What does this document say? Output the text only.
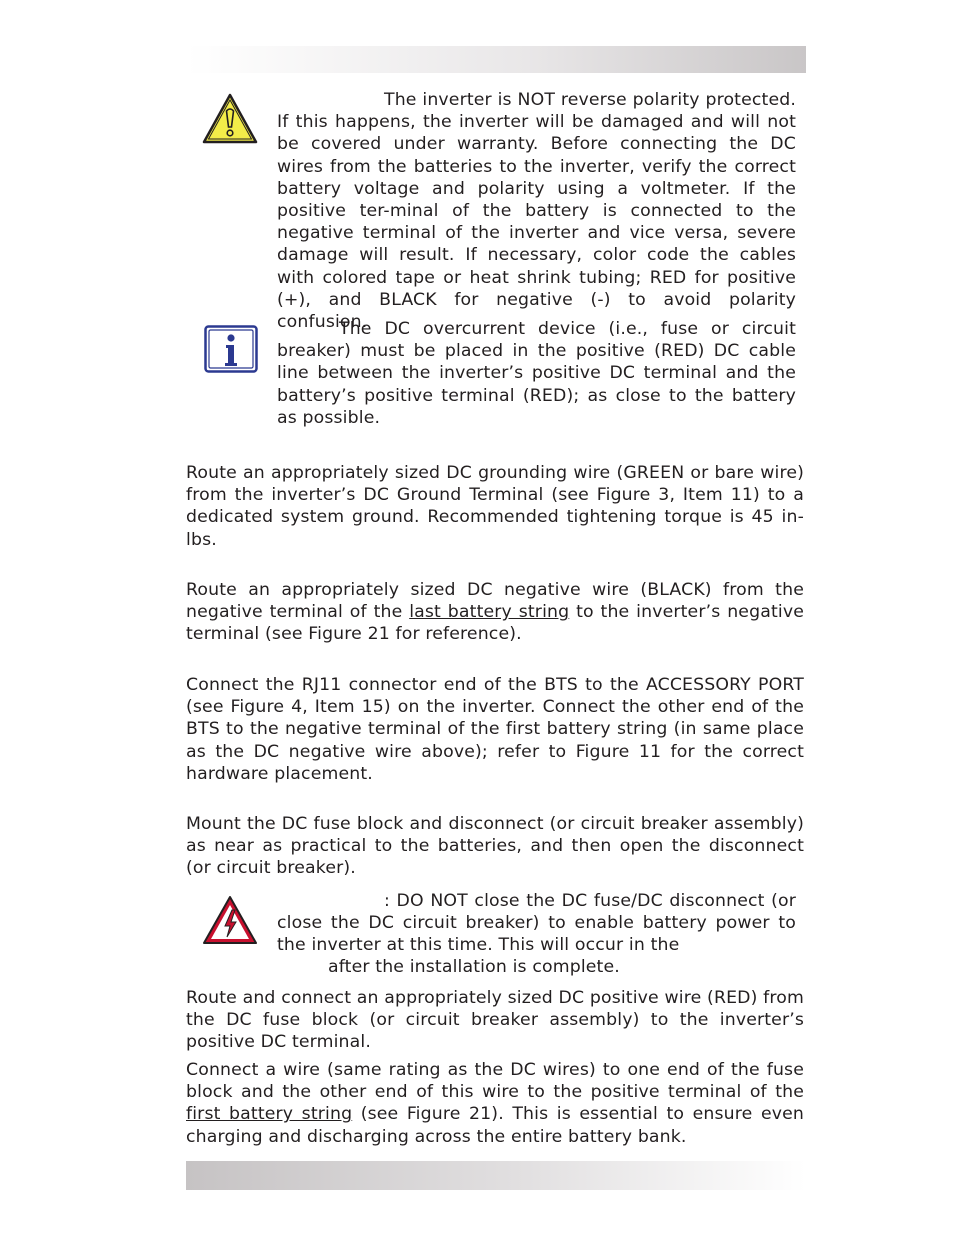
The inverter is NOT reverse polarity protected. If this happens, the inverter will be damaged and will not be covered under warranty. Before connecting the DC wires from the batteries to the inverter, verify the correct battery voltage and polarity using a voltmeter. If the positive ter-minal of the battery is connected to the negative terminal of the inverter and vice versa, severe damage will result. If necessary, color code the cables with colored tape or heat shrink tubing; RED for positive (+), and BLACK for negative (-) to avoid polarity confusion.
The DC overcurrent device (i.e., fuse or circuit breaker) must be placed in the positive (RED) DC cable line between the inverter’s positive DC terminal and the battery’s positive terminal (RED); as close to the battery as possible.
Route an appropriately sized DC grounding wire (GREEN or bare wire) from the inverter’s DC Ground Terminal (see Figure 3, Item 11) to a dedicated system ground. Recommended tightening torque is 45 in-lbs.
Route an appropriately sized DC negative wire (BLACK) from the negative terminal of the last battery string to the inverter’s negative terminal (see Figure 21 for reference).
Connect the RJ11 connector end of the BTS to the ACCESSORY PORT (see Figure 4, Item 15) on the inverter. Connect the other end of the BTS to the negative terminal of the first battery string (in same place as the DC negative wire above); refer to Figure 11 for the correct hardware placement.
Mount the DC fuse block and disconnect (or circuit breaker assembly) as near as practical to the batteries, and then open the disconnect (or circuit breaker).
: DO NOT close the DC fuse/DC disconnect (or close the DC circuit breaker) to enable battery power to the inverter at this time. This will occur in the
after the installation is complete.
Route and connect an appropriately sized DC positive wire (RED) from the DC fuse block (or circuit breaker assembly) to the inverter’s positive DC terminal.
Connect a wire (same rating as the DC wires) to one end of the fuse block and the other end of this wire to the positive terminal of the first battery string (see Figure 21). This is essential to ensure even charging and discharging across the entire battery bank.
